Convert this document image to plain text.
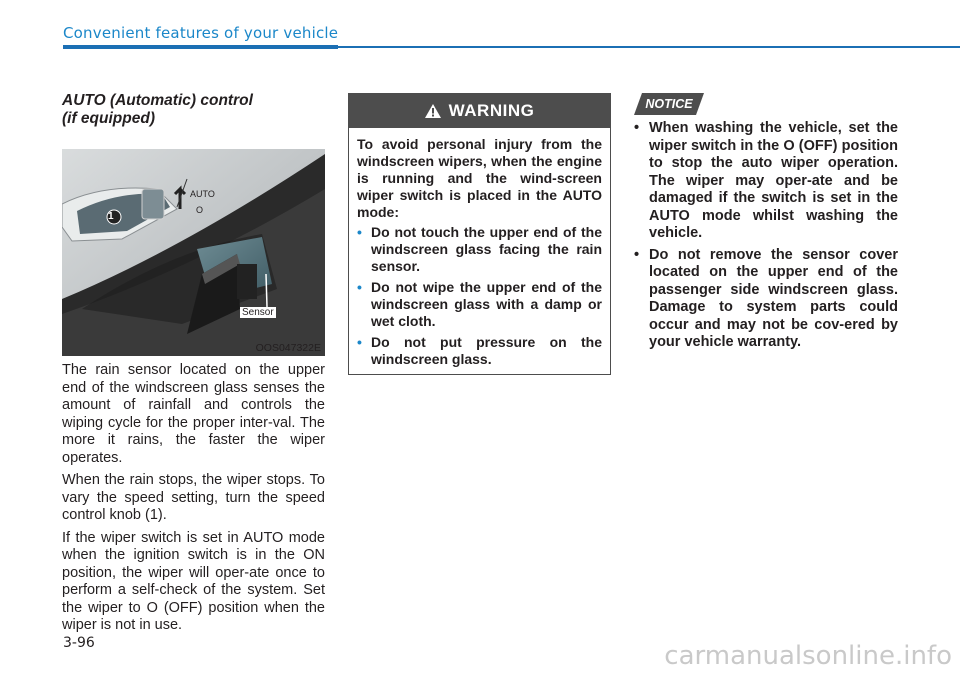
Convenient features of your vehicle
AUTO (Automatic) control
(if equipped)
1
AUTO
O
Sensor
OOS047322E

The rain sensor located on the upper end of the windscreen glass senses the amount of rainfall and controls the wiping cycle for the proper inter-val. The more it rains, the faster the wiper operates.

When the rain stops, the wiper stops. To vary the speed setting, turn the speed control knob (1).

If the wiper switch is set in AUTO mode when the ignition switch is in the ON position, the wiper will oper-ate once to perform a self-check of the system. Set the wiper to O (OFF) position when the wiper is not in use.

WARNING

To avoid personal injury from the windscreen wipers, when the engine is running and the wind-screen wiper switch is placed in the AUTO mode:

• Do not touch the upper end of the windscreen glass facing the rain sensor.
• Do not wipe the upper end of the windscreen glass with a damp or wet cloth.
• Do not put pressure on the windscreen glass.
NOTICE
• When washing the vehicle, set the wiper switch in the O (OFF) position to stop the auto wiper operation. The wiper may oper-ate and be damaged if the switch is set in the AUTO mode whilst washing the vehicle.
• Do not remove the sensor cover located on the upper end of the passenger side windscreen glass. Damage to system parts could occur and may not be cov-ered by your vehicle warranty.
3-96	carmanualsonline.info
